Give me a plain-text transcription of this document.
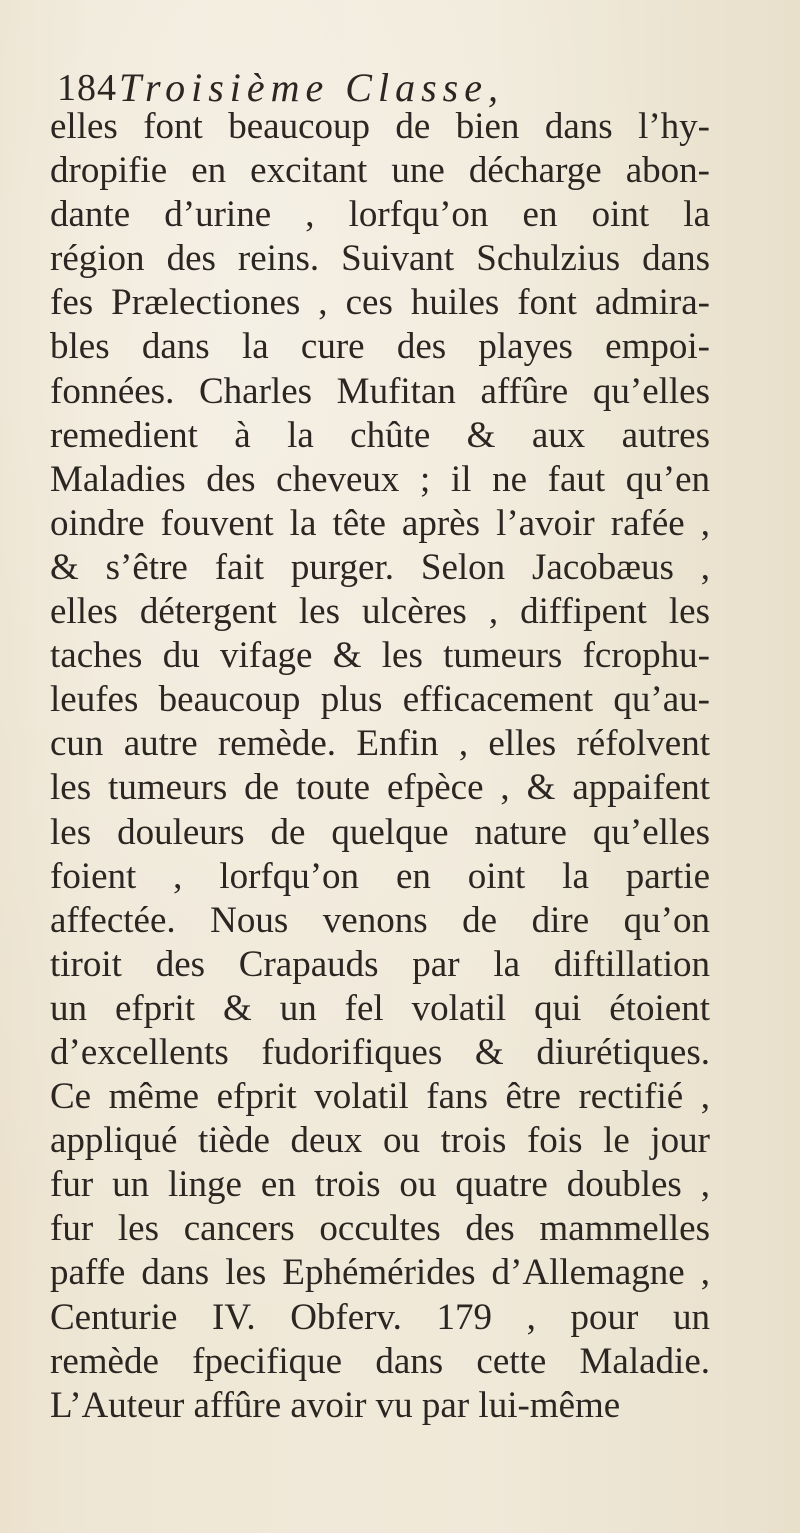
184 Troisième Classe,
elles font beaucoup de bien dans l’hy-
dropifie en excitant une décharge abon-
dante d’urine , lorfqu’on en oint la
région des reins. Suivant Schulzius dans
fes Prælectiones , ces huiles font admira-
bles dans la cure des playes empoi-
fonnées. Charles Mufitan affûre qu’elles
remedient à la chûte & aux autres
Maladies des cheveux ; il ne faut qu’en
oindre fouvent la tête après l’avoir rafée ,
& s’être fait purger. Selon Jacobæus ,
elles détergent les ulcères , diffipent les
taches du vifage & les tumeurs fcrophu-
leufes beaucoup plus efficacement qu’au-
cun autre remède. Enfin , elles réfolvent
les tumeurs de toute efpèce , & appaifent
les douleurs de quelque nature qu’elles
foient , lorfqu’on en oint la partie
affectée. Nous venons de dire qu’on
tiroit des Crapauds par la diftillation
un efprit & un fel volatil qui étoient
d’excellents fudorifiques & diurétiques.
Ce même efprit volatil fans être rectifié ,
appliqué tiède deux ou trois fois le jour
fur un linge en trois ou quatre doubles ,
fur les cancers occultes des mammelles
paffe dans les Ephémérides d’Allemagne ,
Centurie IV. Obferv. 179 , pour un
remède fpecifique dans cette Maladie.
L’Auteur affûre avoir vu par lui-même
